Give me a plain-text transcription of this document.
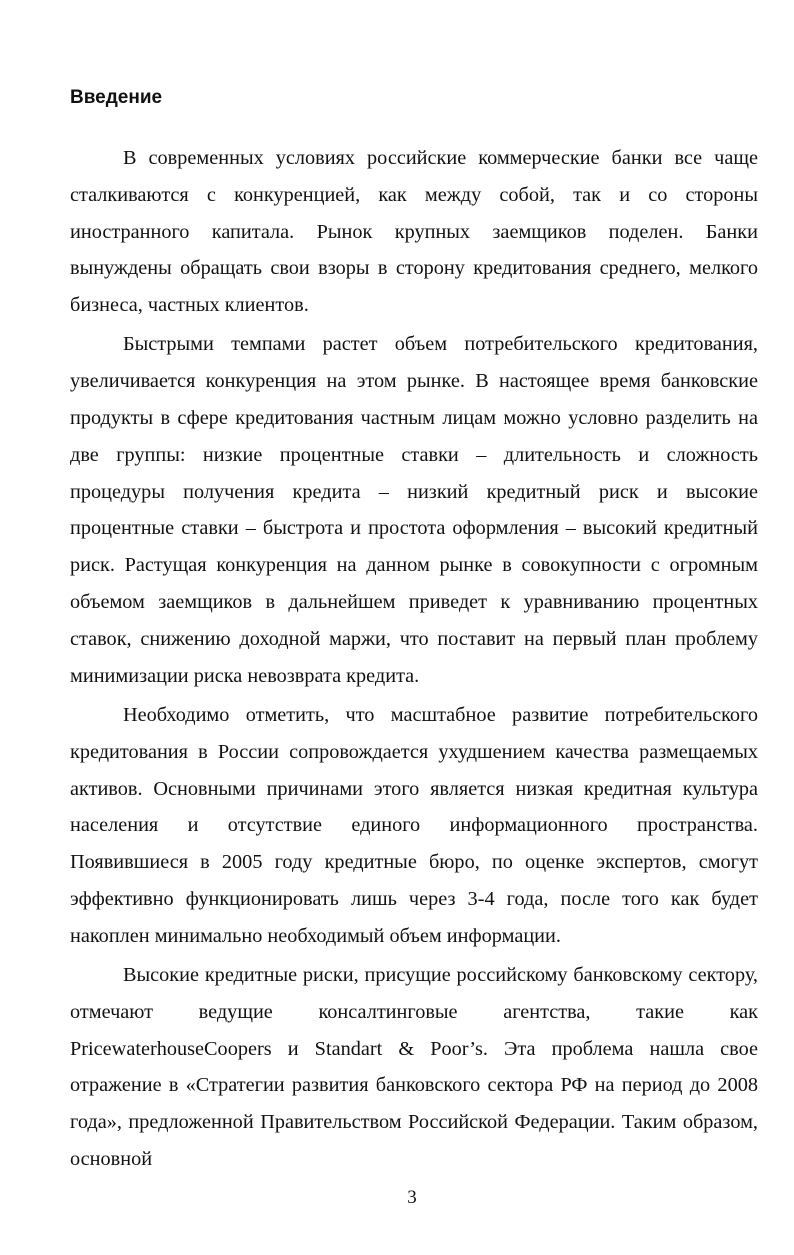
Введение

В современных условиях российские коммерческие банки все чаще сталкиваются с конкуренцией, как между собой, так и со стороны иностранного капитала. Рынок крупных заемщиков поделен. Банки вынуждены обращать свои взоры в сторону кредитования среднего, мелкого бизнеса, частных клиентов.

Быстрыми темпами растет объем потребительского кредитования, увеличивается конкуренция на этом рынке. В настоящее время банковские продукты в сфере кредитования частным лицам можно условно разделить на две группы: низкие процентные ставки – длительность и сложность процедуры получения кредита – низкий кредитный риск и высокие процентные ставки – быстрота и простота оформления – высокий кредитный риск. Растущая конкуренция на данном рынке в совокупности с огромным объемом заемщиков в дальнейшем приведет к уравниванию процентных ставок, снижению доходной маржи, что поставит на первый план проблему минимизации риска невозврата кредита.

Необходимо отметить, что масштабное развитие потребительского кредитования в России сопровождается ухудшением качества размещаемых активов. Основными причинами этого является низкая кредитная культура населения и отсутствие единого информационного пространства. Появившиеся в 2005 году кредитные бюро, по оценке экспертов, смогут эффективно функционировать лишь через 3-4 года, после того как будет накоплен минимально необходимый объем информации.

Высокие кредитные риски, присущие российскому банковскому сектору, отмечают ведущие консалтинговые агентства, такие как PricewaterhouseCoopers и Standart & Poor’s. Эта проблема нашла свое отражение в «Стратегии развития банковского сектора РФ на период до 2008 года», предложенной Правительством Российской Федерации. Таким образом, основной

3
